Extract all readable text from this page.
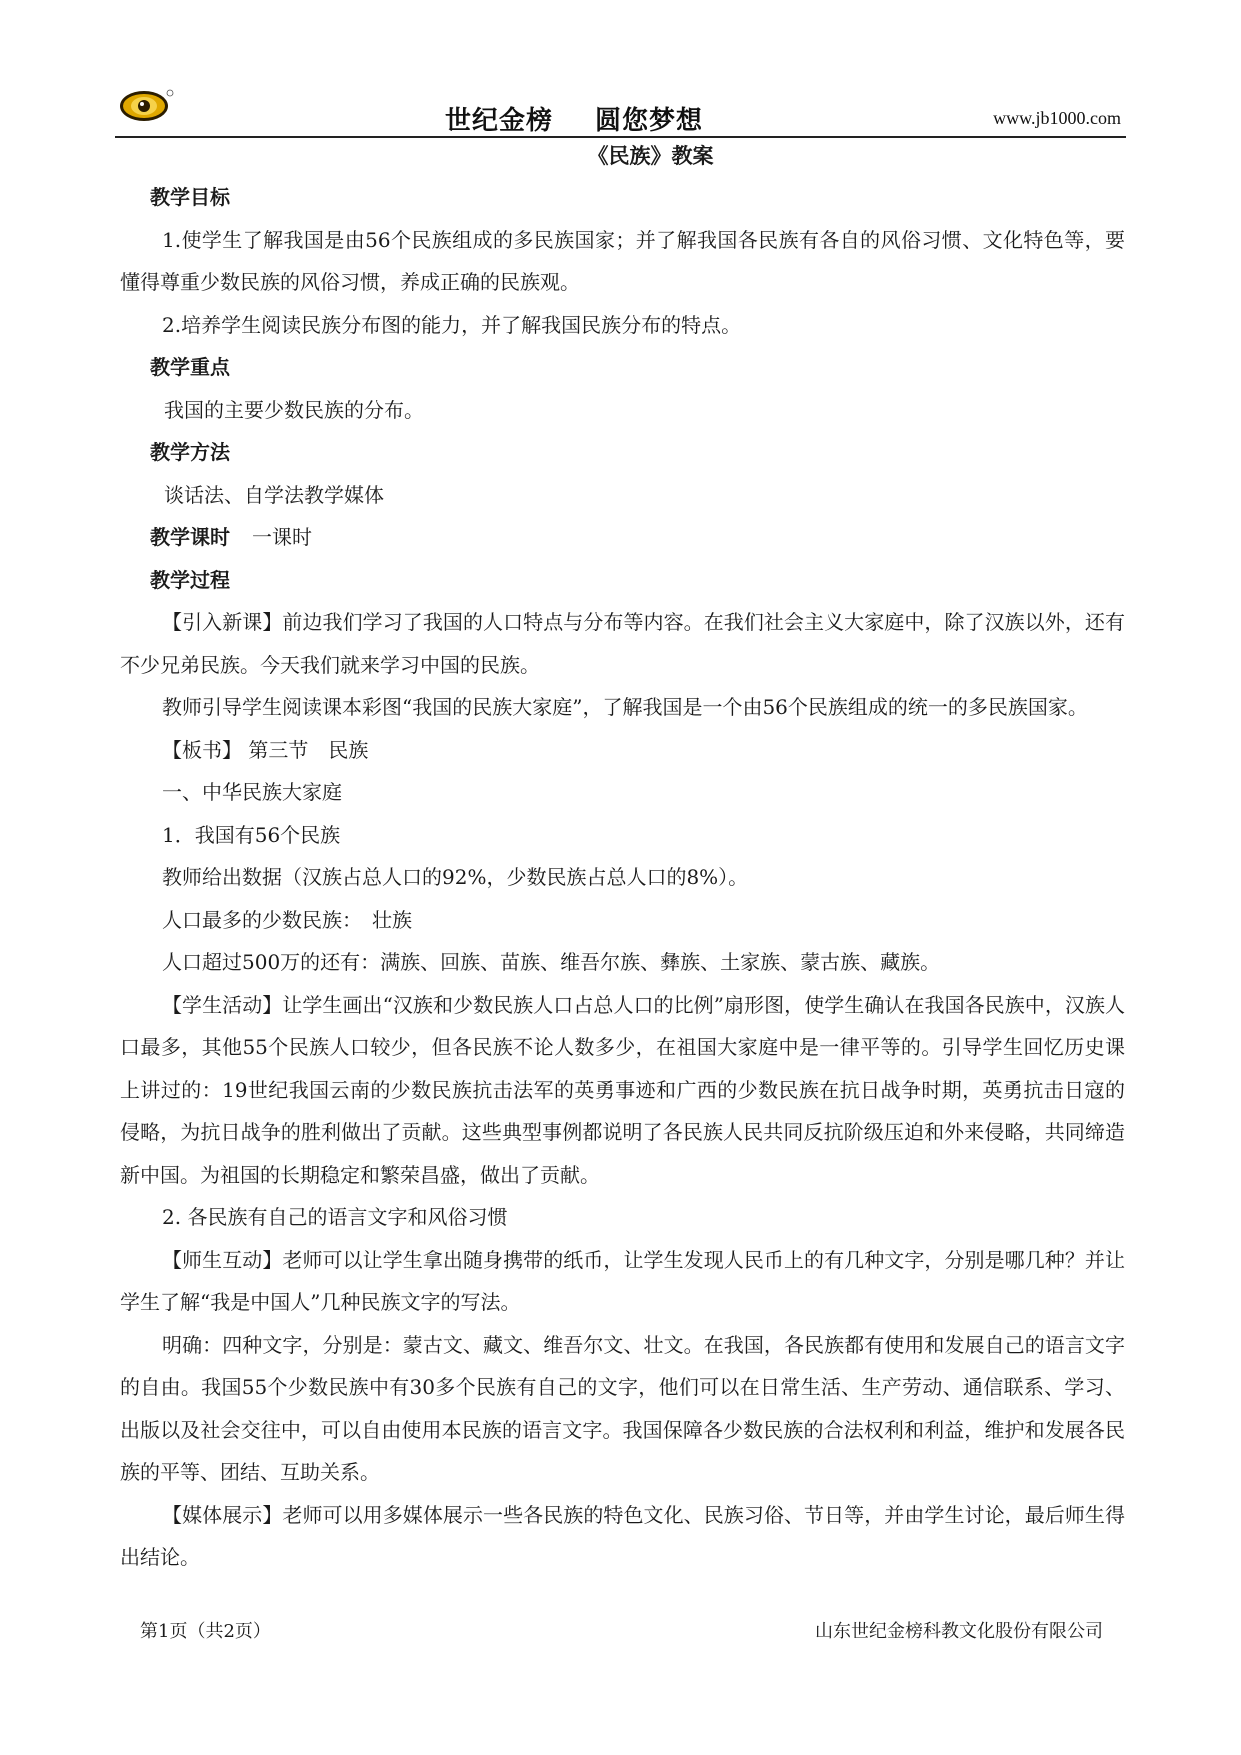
世纪金榜 圆您梦想	www.jb1000.com
《民族》教案

教学目标

1.使学生了解我国是由56个民族组成的多民族国家；并了解我国各民族有各自的风俗习惯、文化特色等，要懂得尊重少数民族的风俗习惯，养成正确的民族观。

2.培养学生阅读民族分布图的能力，并了解我国民族分布的特点。

教学重点

我国的主要少数民族的分布。

教学方法

谈话法、自学法教学媒体

教学课时 一课时

教学过程

【引入新课】前边我们学习了我国的人口特点与分布等内容。在我们社会主义大家庭中，除了汉族以外，还有不少兄弟民族。今天我们就来学习中国的民族。

教师引导学生阅读课本彩图“我国的民族大家庭”，了解我国是一个由56个民族组成的统一的多民族国家。

【板书】 第三节　民族

一、中华民族大家庭

1．我国有56个民族

教师给出数据（汉族占总人口的92%，少数民族占总人口的8%）。

人口最多的少数民族：　壮族

人口超过500万的还有：满族、回族、苗族、维吾尔族、彝族、土家族、蒙古族、藏族。

【学生活动】让学生画出“汉族和少数民族人口占总人口的比例”扇形图，使学生确认在我国各民族中，汉族人口最多，其他55个民族人口较少，但各民族不论人数多少，在祖国大家庭中是一律平等的。引导学生回忆历史课上讲过的：19世纪我国云南的少数民族抗击法军的英勇事迹和广西的少数民族在抗日战争时期，英勇抗击日寇的侵略，为抗日战争的胜利做出了贡献。这些典型事例都说明了各民族人民共同反抗阶级压迫和外来侵略，共同缔造新中国。为祖国的长期稳定和繁荣昌盛，做出了贡献。

2. 各民族有自己的语言文字和风俗习惯

【师生互动】老师可以让学生拿出随身携带的纸币，让学生发现人民币上的有几种文字，分别是哪几种？并让学生了解“我是中国人”几种民族文字的写法。

明确：四种文字，分别是：蒙古文、藏文、维吾尔文、壮文。在我国，各民族都有使用和发展自己的语言文字的自由。我国55个少数民族中有30多个民族有自己的文字，他们可以在日常生活、生产劳动、通信联系、学习、出版以及社会交往中，可以自由使用本民族的语言文字。我国保障各少数民族的合法权利和利益，维护和发展各民族的平等、团结、互助关系。

【媒体展示】老师可以用多媒体展示一些各民族的特色文化、民族习俗、节日等，并由学生讨论，最后师生得出结论。

第1页（共2页）	山东世纪金榜科教文化股份有限公司
